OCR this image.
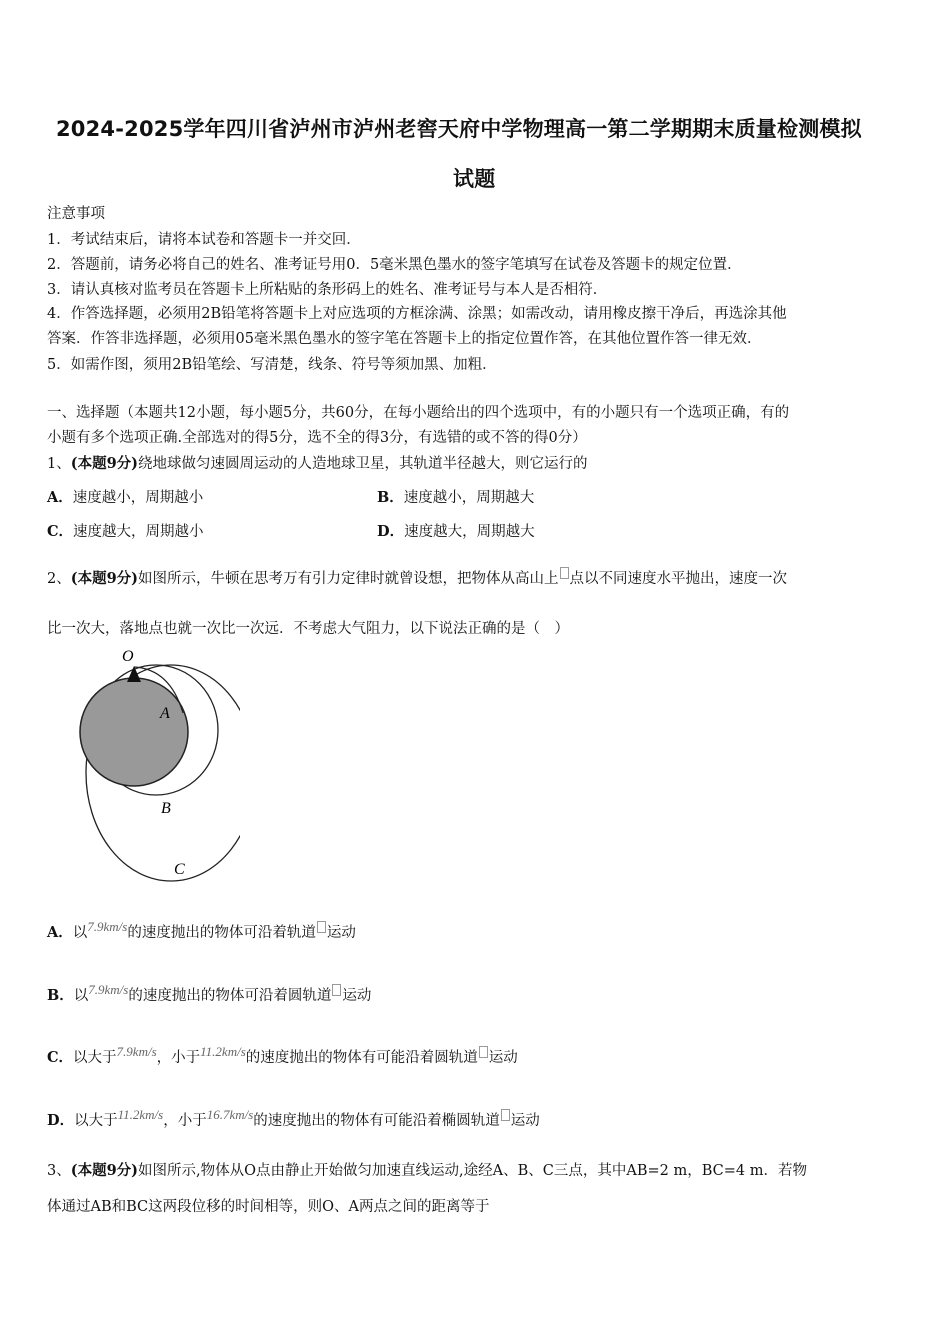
2024-2025学年四川省泸州市泸州老窖天府中学物理高一第二学期期末质量检测模拟
试题
注意事项
1．考试结束后，请将本试卷和答题卡一并交回．
2．答题前，请务必将自己的姓名、准考证号用0．5毫米黑色墨水的签字笔填写在试卷及答题卡的规定位置．
3．请认真核对监考员在答题卡上所粘贴的条形码上的姓名、准考证号与本人是否相符．
4．作答选择题，必须用2B铅笔将答题卡上对应选项的方框涂满、涂黑；如需改动，请用橡皮擦干净后，再选涂其他
答案．作答非选择题，必须用05毫米黑色墨水的签字笔在答题卡上的指定位置作答，在其他位置作答一律无效．
5．如需作图，须用2B铅笔绘、写清楚，线条、符号等须加黑、加粗．
一、选择题（本题共12小题，每小题5分，共60分，在每小题给出的四个选项中，有的小题只有一个选项正确，有的
小题有多个选项正确.全部选对的得5分，选不全的得3分，有选错的或不答的得0分）
1、(本题9分)绕地球做匀速圆周运动的人造地球卫星，其轨道半径越大，则它运行的
A．速度越小，周期越小	B．速度越小，周期越大
C．速度越大，周期越小	D．速度越大，周期越大
2、(本题9分)如图所示，牛顿在思考万有引力定律时就曾设想，把物体从高山上 点以不同速度水平抛出，速度一次
比一次大，落地点也就一次比一次远．不考虑大气阻力，以下说法正确的是（　）
O
A
B
C
A．以7.9km/s的速度抛出的物体可沿着轨道 运动
B．以7.9km/s的速度抛出的物体可沿着圆轨道 运动
C．以大于7.9km/s，小于11.2km/s的速度抛出的物体有可能沿着圆轨道 运动
D．以大于11.2km/s，小于16.7km/s的速度抛出的物体有可能沿着椭圆轨道 运动
3、(本题9分)如图所示,物体从O点由静止开始做匀加速直线运动,途经A、B、C三点，其中AB=2 m，BC=4 m．若物
体通过AB和BC这两段位移的时间相等，则O、A两点之间的距离等于
